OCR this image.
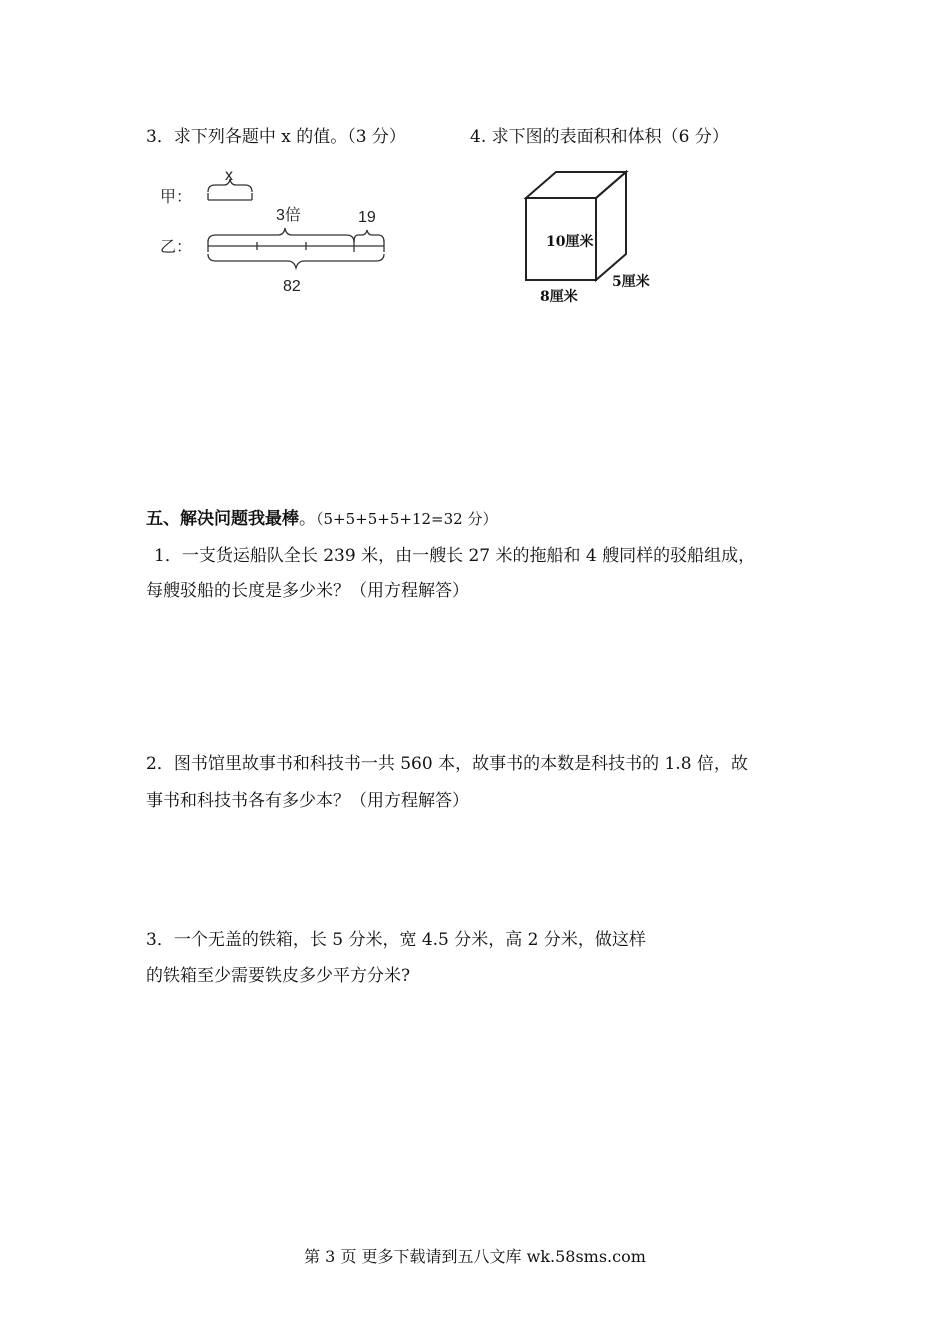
3．求下列各题中 x 的值。（3 分）	4. 求下图的表面积和体积（6 分）
甲：
乙：
x
3倍	19
82
10厘米
5厘米
8厘米
五、解决问题我最棒。（5+5+5+5+12=32 分）
1．一支货运船队全长 239 米，由一艘长 27 米的拖船和 4 艘同样的驳船组成，
每艘驳船的长度是多少米？（用方程解答）
2．图书馆里故事书和科技书一共 560 本，故事书的本数是科技书的 1.8 倍，故
事书和科技书各有多少本？（用方程解答）
3．一个无盖的铁箱，长 5 分米，宽 4.5 分米，高 2 分米，做这样
的铁箱至少需要铁皮多少平方分米?
第 3 页 更多下载请到五八文库 wk.58sms.com
